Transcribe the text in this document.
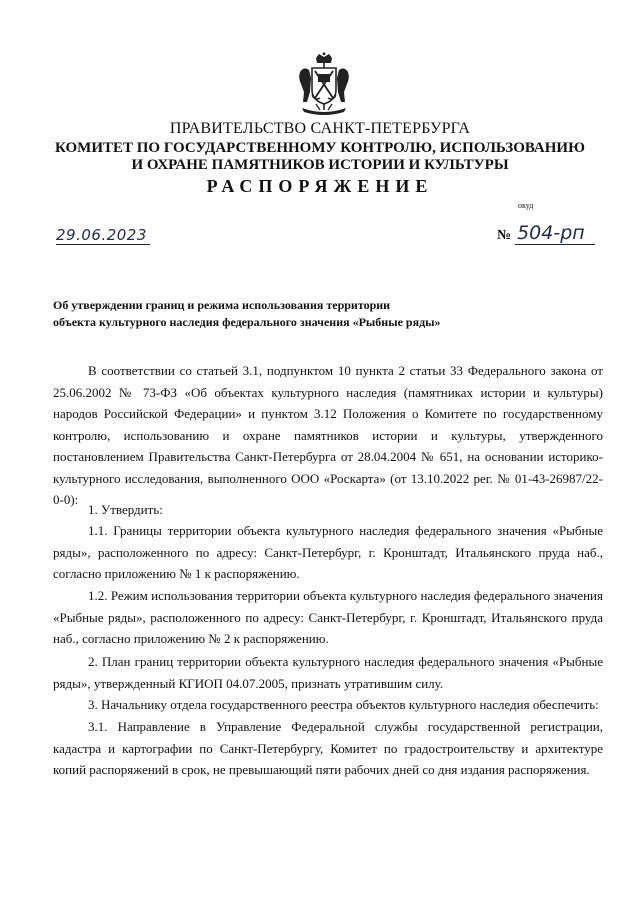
ПРАВИТЕЛЬСТВО САНКТ-ПЕТЕРБУРГА
КОМИТЕТ ПО ГОСУДАРСТВЕННОМУ КОНТРОЛЮ, ИСПОЛЬЗОВАНИЮ
И ОХРАНЕ ПАМЯТНИКОВ ИСТОРИИ И КУЛЬТУРЫ
РАСПОРЯЖЕНИЕ
окуд
29.06.2023	№ 504-рп
Об утверждении границ и режима использования территории
объекта культурного наследия федерального значения «Рыбные ряды»
В соответствии со статьей 3.1, подпунктом 10 пункта 2 статьи 33 Федерального закона от 25.06.2002 № 73-ФЗ «Об объектах культурного наследия (памятниках истории и культуры) народов Российской Федерации» и пунктом 3.12 Положения о Комитете по государственному контролю, использованию и охране памятников истории и культуры, утвержденного постановлением Правительства Санкт-Петербурга от 28.04.2004 № 651, на основании историко-культурного исследования, выполненного ООО «Роскарта» (от 13.10.2022 рег. № 01-43-26987/22-0-0):
1. Утвердить:
1.1. Границы территории объекта культурного наследия федерального значения «Рыбные ряды», расположенного по адресу: Санкт-Петербург, г. Кронштадт, Итальянского пруда наб., согласно приложению № 1 к распоряжению.
1.2. Режим использования территории объекта культурного наследия федерального значения «Рыбные ряды», расположенного по адресу: Санкт-Петербург, г. Кронштадт, Итальянского пруда наб., согласно приложению № 2 к распоряжению.
2. План границ территории объекта культурного наследия федерального значения «Рыбные ряды», утвержденный КГИОП 04.07.2005, признать утратившим силу.
3. Начальнику отдела государственного реестра объектов культурного наследия обеспечить:
3.1. Направление в Управление Федеральной службы государственной регистрации, кадастра и картографии по Санкт-Петербургу, Комитет по градостроительству и архитектуре копий распоряжений в срок, не превышающий пяти рабочих дней со дня издания распоряжения.
